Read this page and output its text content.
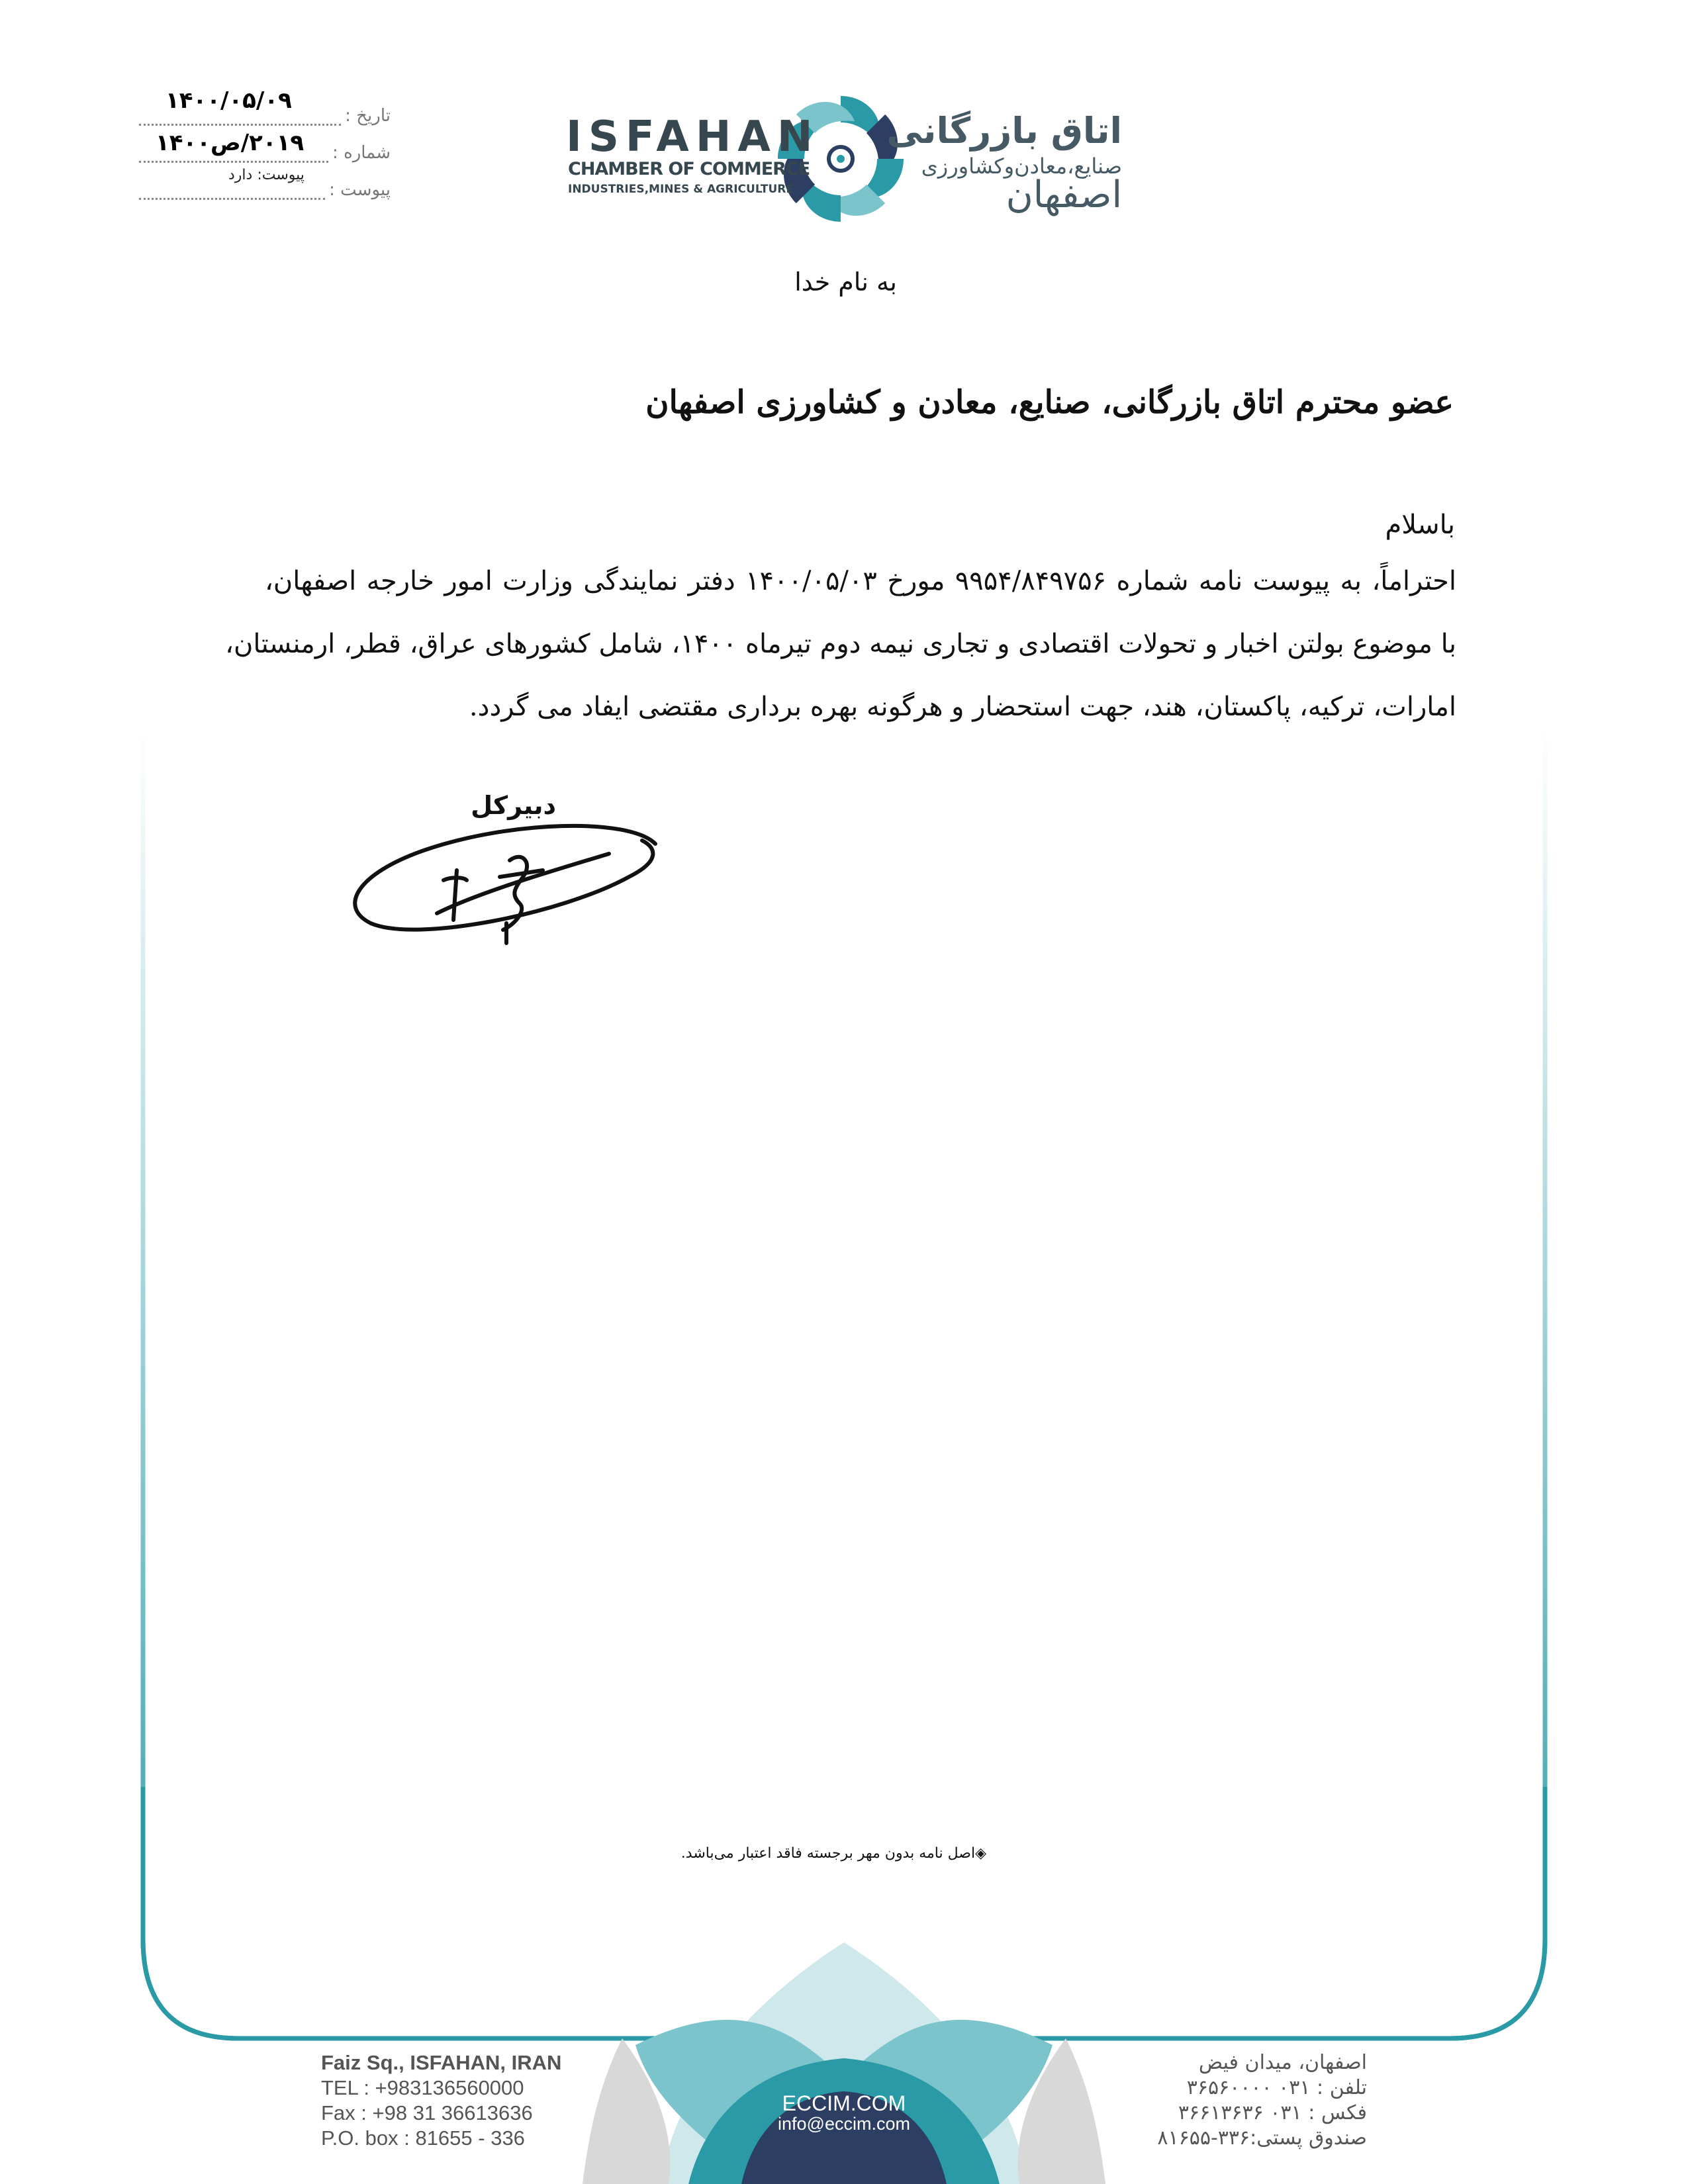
تاریخ :
۱۴۰۰/۰۵/۰۹
شماره :
۲۰۱۹/ص۱۴۰۰
پیوست :
پیوست: دارد
ISFAHAN
CHAMBER OF COMMERCE
INDUSTRIES,MINES & AGRICULTURE
اتاق بازرگانی
صنایع،معادن‌وکشاورزی
اصفهان
به نام خدا
عضو محترم اتاق بازرگانی، صنایع، معادن و کشاورزی اصفهان
باسلام
احتراماً، به پیوست نامه شماره ۹۹۵۴/۸۴۹۷۵۶ مورخ ۱۴۰۰/۰۵/۰۳ دفتر نمایندگی وزارت امور خارجه اصفهان،
با موضوع بولتن اخبار و تحولات اقتصادی و تجاری نیمه دوم تیرماه ۱۴۰۰، شامل کشورهای عراق، قطر، ارمنستان،
امارات، ترکیه، پاکستان، هند، جهت استحضار و هرگونه بهره برداری مقتضی ایفاد می گردد.
دبیرکل
◈اصل نامه بدون مهر برجسته فاقد اعتبار می‌باشد.
Faiz Sq., ISFAHAN, IRAN
TEL : +983136560000
Fax : +98 31 36613636
P.O. box : 81655 - 336
اصفهان، میدان فیض
تلفن : ۰۳۱ ۳۶۵۶۰۰۰۰
فکس : ۰۳۱ ۳۶۶۱۳۶۳۶
صندوق پستی:۳۳۶-۸۱۶۵۵
ECCIM.COM
info@eccim.com
